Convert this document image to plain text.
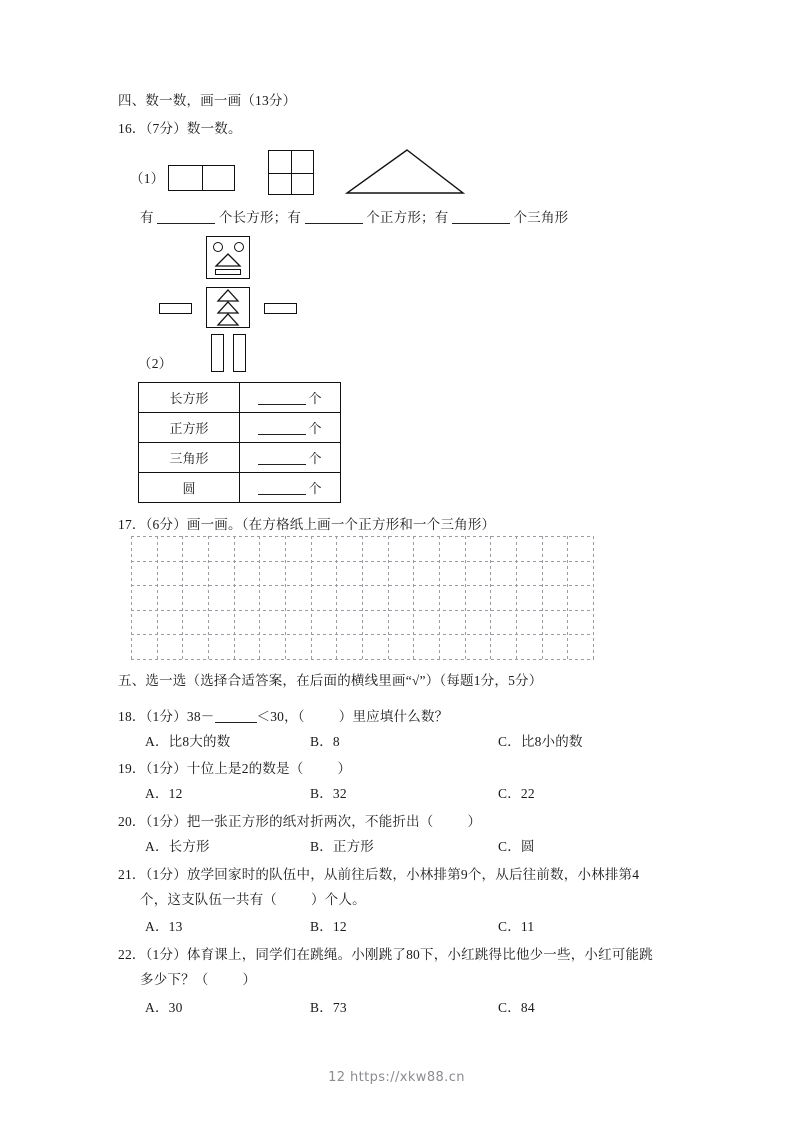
四、数一数，画一画（13分）
16．（7分）数一数。
（1）
有	个长方形；有	个正方形；有	个三角形
（2）
长方形	个
正方形	个
三角形	个
圆	个
17．（6分）画一画。（在方格纸上画一个正方形和一个三角形）
五、选一选（选择合适答案，在后面的横线里画“√”）（每题1分，5分）
18．（1分）38－	＜30，（	）里应填什么数？
A．比8大的数	B．8	C．比8小的数
19．（1分）十位上是2的数是（	）
A．12	B．32	C．22
20．（1分）把一张正方形的纸对折两次，不能折出（	）
A．长方形	B．正方形	C．圆
21．（1分）放学回家时的队伍中，从前往后数，小林排第9个，从后往前数，小林排第4
个，这支队伍一共有（	）个人。
A．13	B．12	C．11
22．（1分）体育课上，同学们在跳绳。小刚跳了80下，小红跳得比他少一些，小红可能跳
多少下？（	）
A．30	B．73	C．84
12 https://xkw88.cn
